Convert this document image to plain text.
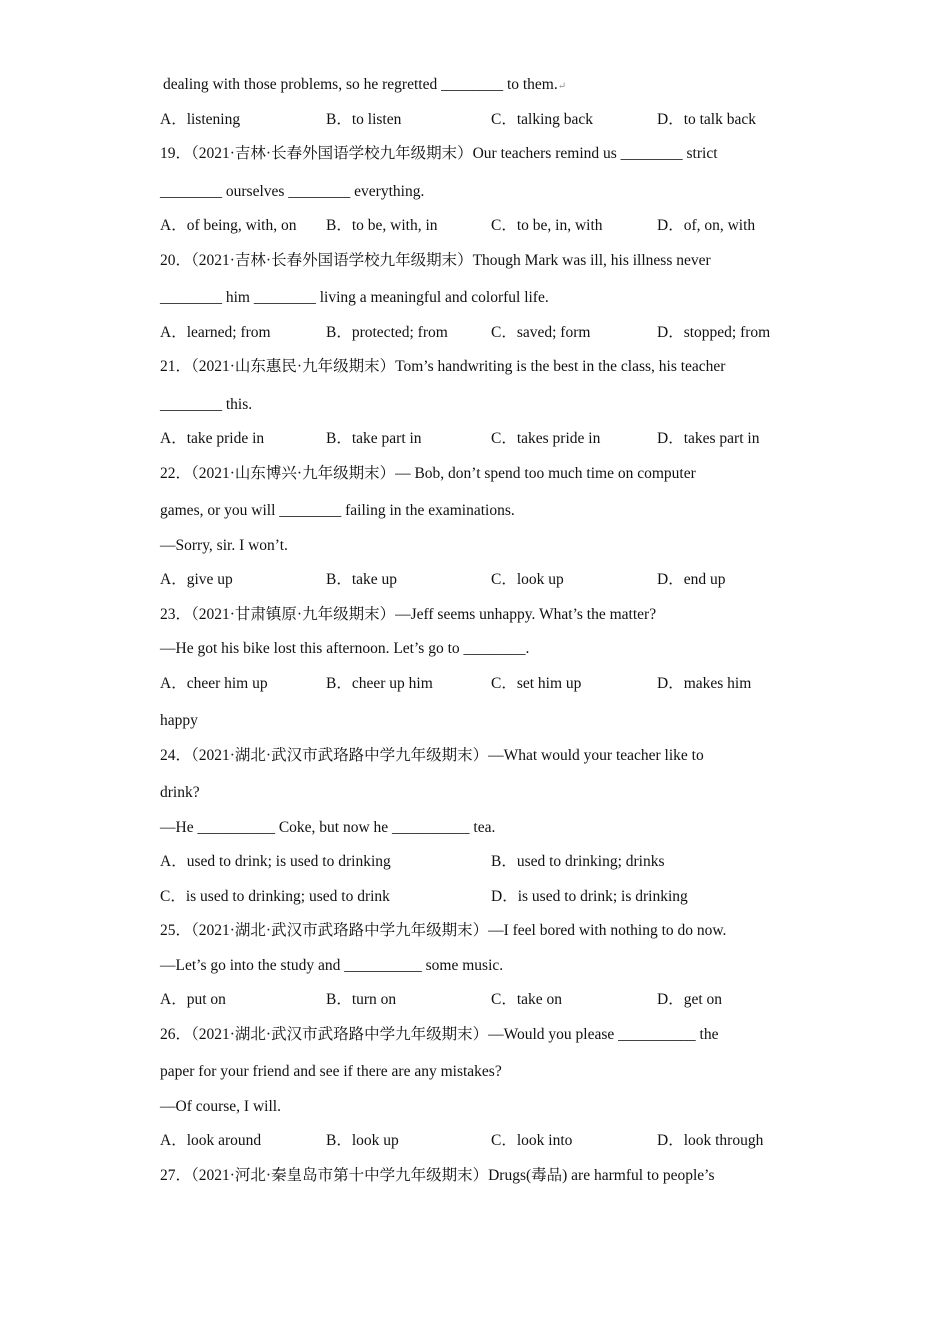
dealing with those problems, so he regretted ________ to them.↵
A．listening	B．to listen	C．talking back	D．to talk back
19．（2021·吉林·长春外国语学校九年级期末）Our teachers remind us ________ strict
________ ourselves ________ everything.
A．of being, with, on B．to be, with, in	C．to be, in, with	D．of, on, with
20．（2021·吉林·长春外国语学校九年级期末）Though Mark was ill, his illness never
________ him ________ living a meaningful and colorful life.
A．learned; from	B．protected; from	C．saved; form	D．stopped; from
21．（2021·山东惠民·九年级期末）Tom’s handwriting is the best in the class, his teacher
________ this.
A．take pride in	B．take part in	C．takes pride in	D．takes part in
22．（2021·山东博兴·九年级期末）— Bob, don’t spend too much time on computer
games, or you will ________ failing in the examinations.
—Sorry, sir. I won’t.
A．give up	B．take up	C．look up	D．end up
23．（2021·甘肃镇原·九年级期末）—Jeff seems unhappy. What’s the matter?
—He got his bike lost this afternoon. Let’s go to ________.
A．cheer him up	B．cheer up him	C．set him up	D．makes him
happy
24．（2021·湖北·武汉市武珞路中学九年级期末）—What would your teacher like to
drink?
—He __________ Coke, but now he __________ tea.
A．used to drink; is used to drinking	B．used to drinking; drinks
C．is used to drinking; used to drink	D．is used to drink; is drinking
25．（2021·湖北·武汉市武珞路中学九年级期末）—I feel bored with nothing to do now.
—Let’s go into the study and __________ some music.
A．put on	B．turn on	C．take on	D．get on
26．（2021·湖北·武汉市武珞路中学九年级期末）—Would you please __________ the
paper for your friend and see if there are any mistakes?
—Of course, I will.
A．look around	B．look up	C．look into	D．look through
27．（2021·河北·秦皇岛市第十中学九年级期末）Drugs(毒品) are harmful to people’s
